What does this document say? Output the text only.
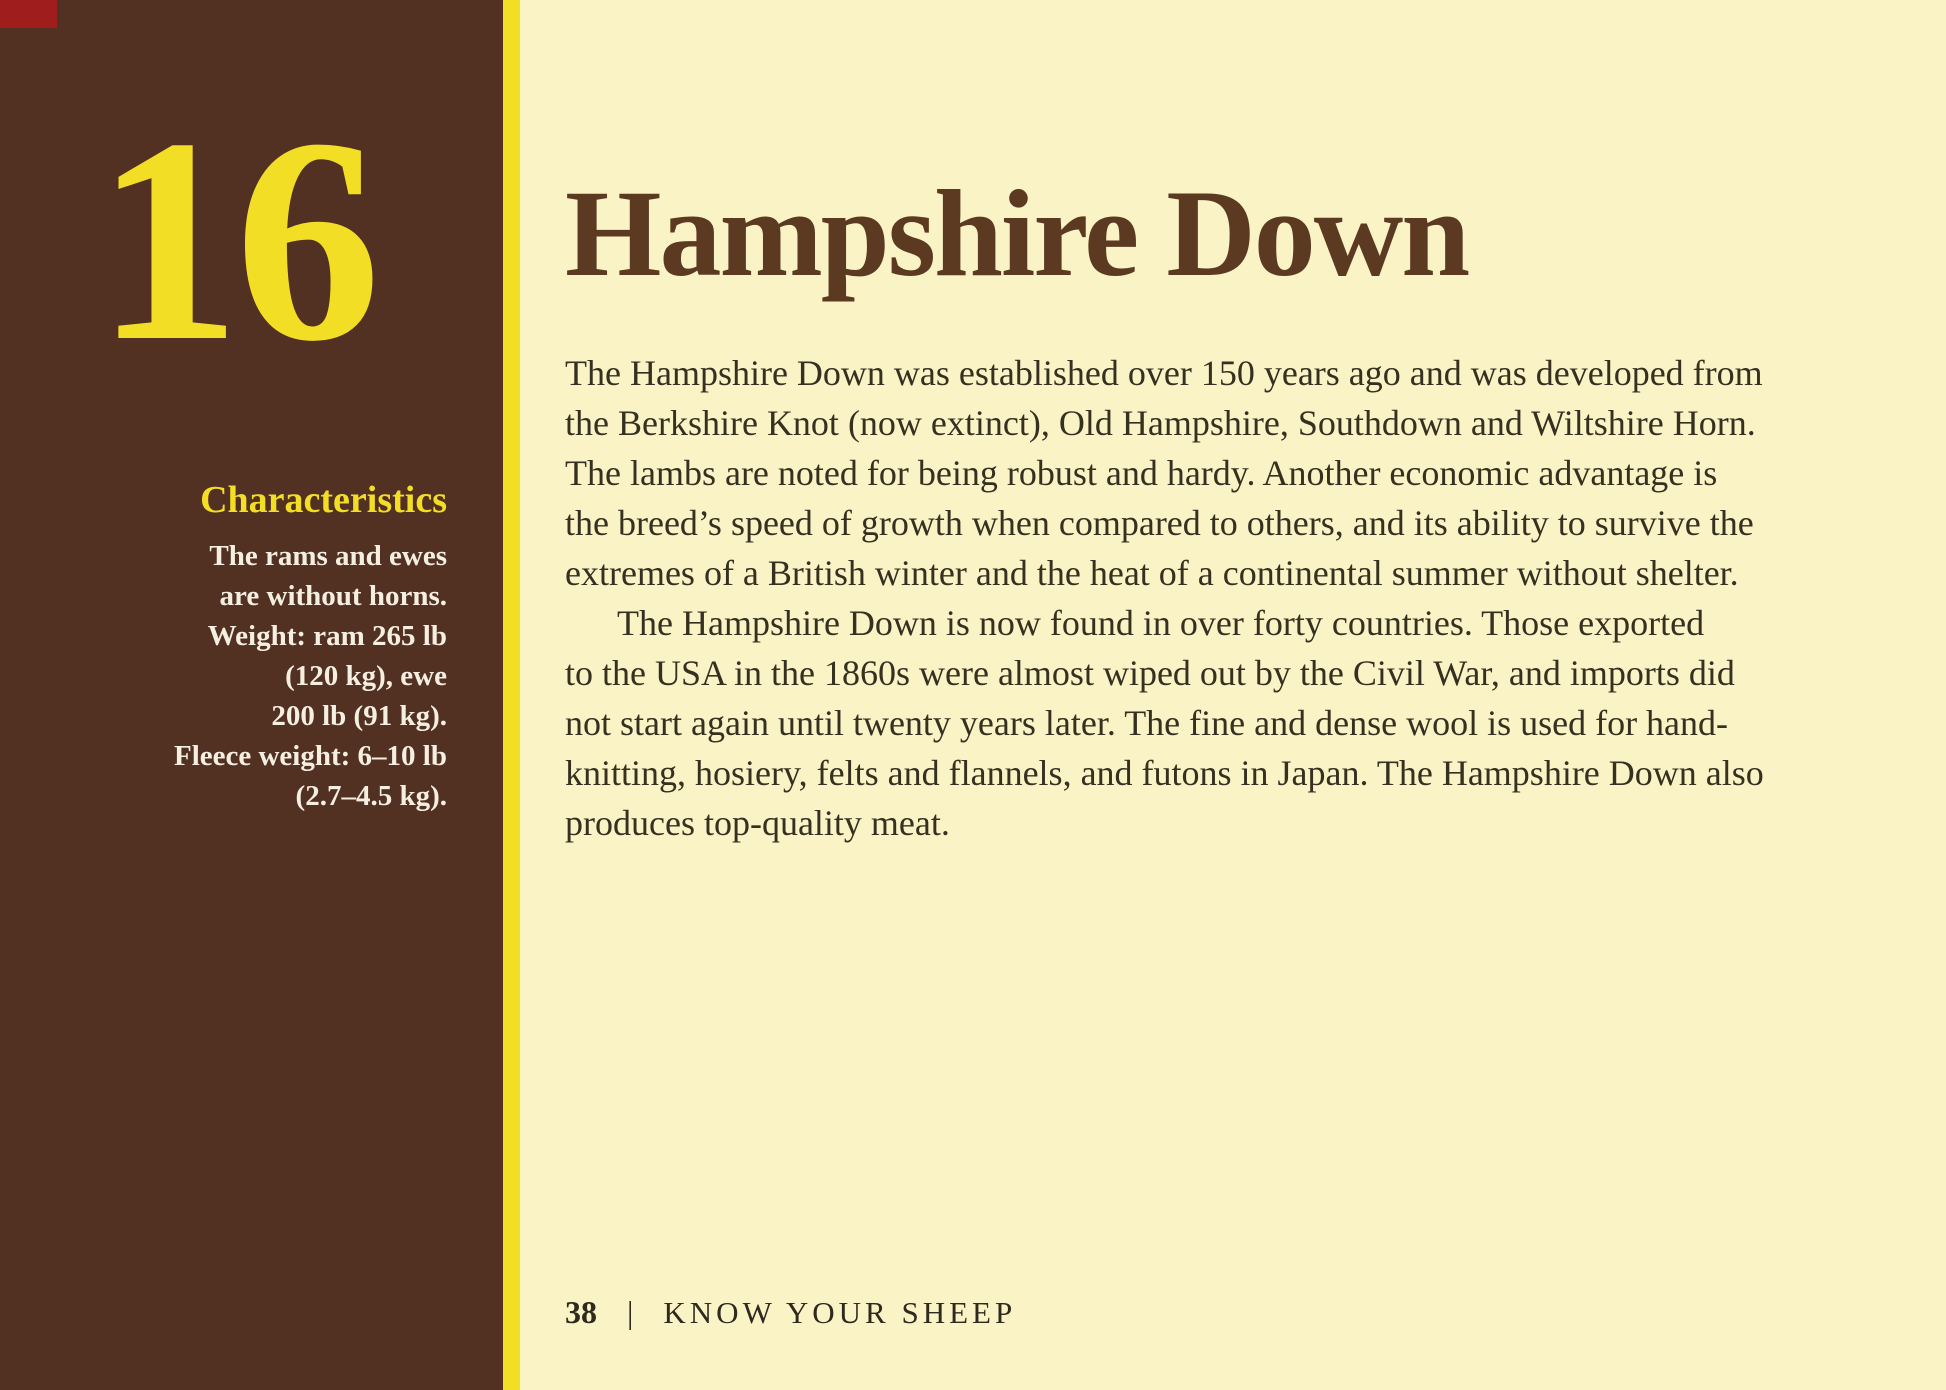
16
Characteristics
The rams and ewes
are without horns.
Weight: ram 265 lb
(120 kg), ewe
200 lb (91 kg).
Fleece weight: 6–10 lb
(2.7–4.5 kg).
Hampshire Down
The Hampshire Down was established over 150 years ago and was developed from
the Berkshire Knot (now extinct), Old Hampshire, Southdown and Wiltshire Horn.
The lambs are noted for being robust and hardy. Another economic advantage is
the breed’s speed of growth when compared to others, and its ability to survive the
extremes of a British winter and the heat of a continental summer without shelter.
The Hampshire Down is now found in over forty countries. Those exported
to the USA in the 1860s were almost wiped out by the Civil War, and imports did
not start again until twenty years later. The fine and dense wool is used for hand-
knitting, hosiery, felts and flannels, and futons in Japan. The Hampshire Down also
produces top-quality meat.
38 | KNOW YOUR SHEEP
